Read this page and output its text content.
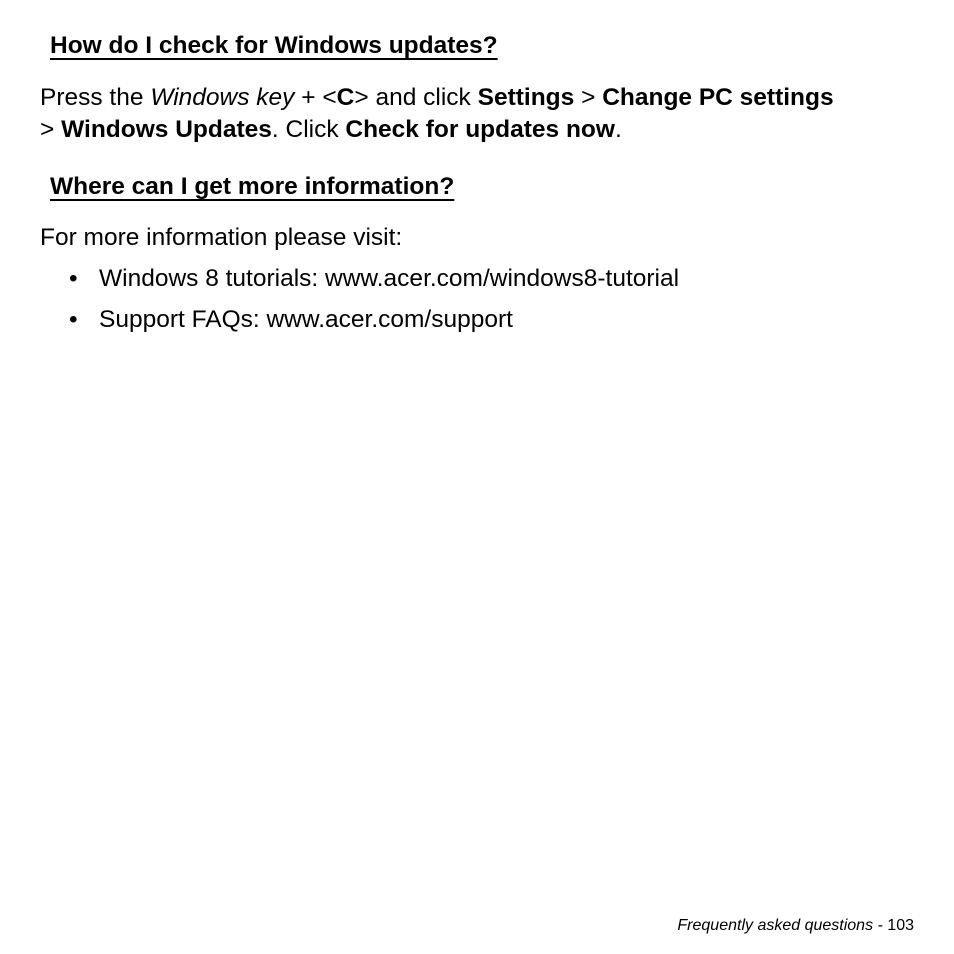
How do I check for Windows updates?

Press the Windows key + <C> and click Settings > Change PC settings
> Windows Updates. Click Check for updates now.

Where can I get more information?

For more information please visit:

• Windows 8 tutorials: www.acer.com/windows8-tutorial
• Support FAQs: www.acer.com/support
Frequently asked questions - 103
